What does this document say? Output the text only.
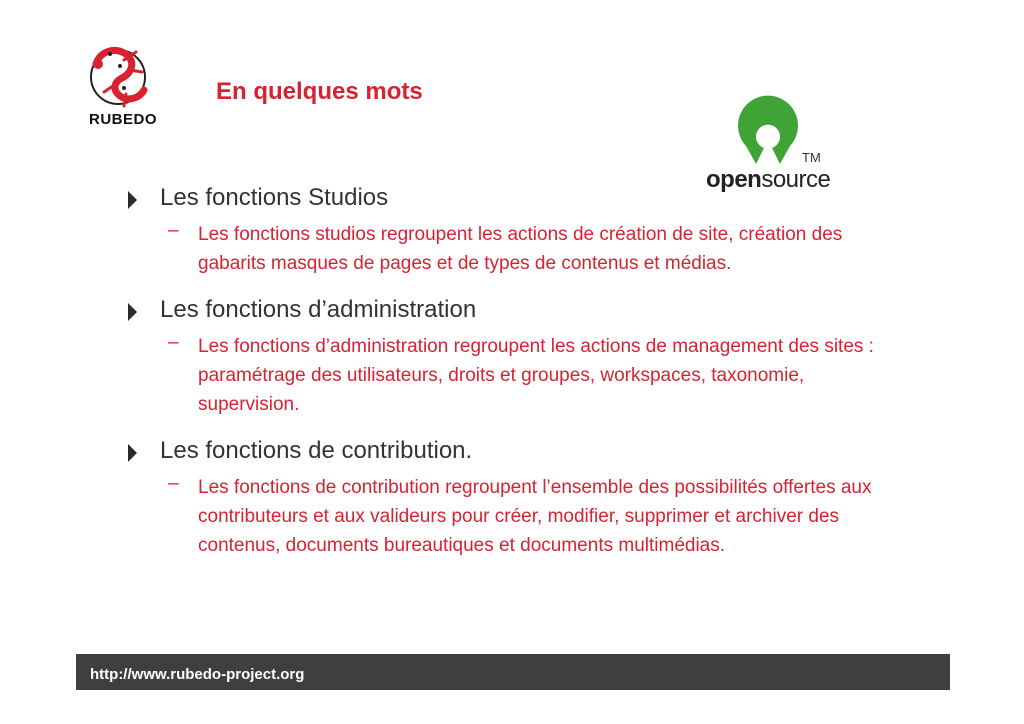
RUBEDO
En quelques mots
TM
opensource
Les fonctions Studios
– Les fonctions studios regroupent les actions de création de site, création des gabarits masques de pages et de types de contenus et médias.
Les fonctions d’administration
– Les fonctions d’administration regroupent les actions de management des sites : paramétrage des utilisateurs, droits et groupes, workspaces, taxonomie, supervision.
Les fonctions de contribution.
– Les fonctions de contribution regroupent l’ensemble des possibilités offertes aux contributeurs et aux valideurs pour créer, modifier, supprimer et archiver des contenus, documents bureautiques et documents multimédias.
http://www.rubedo-project.org
